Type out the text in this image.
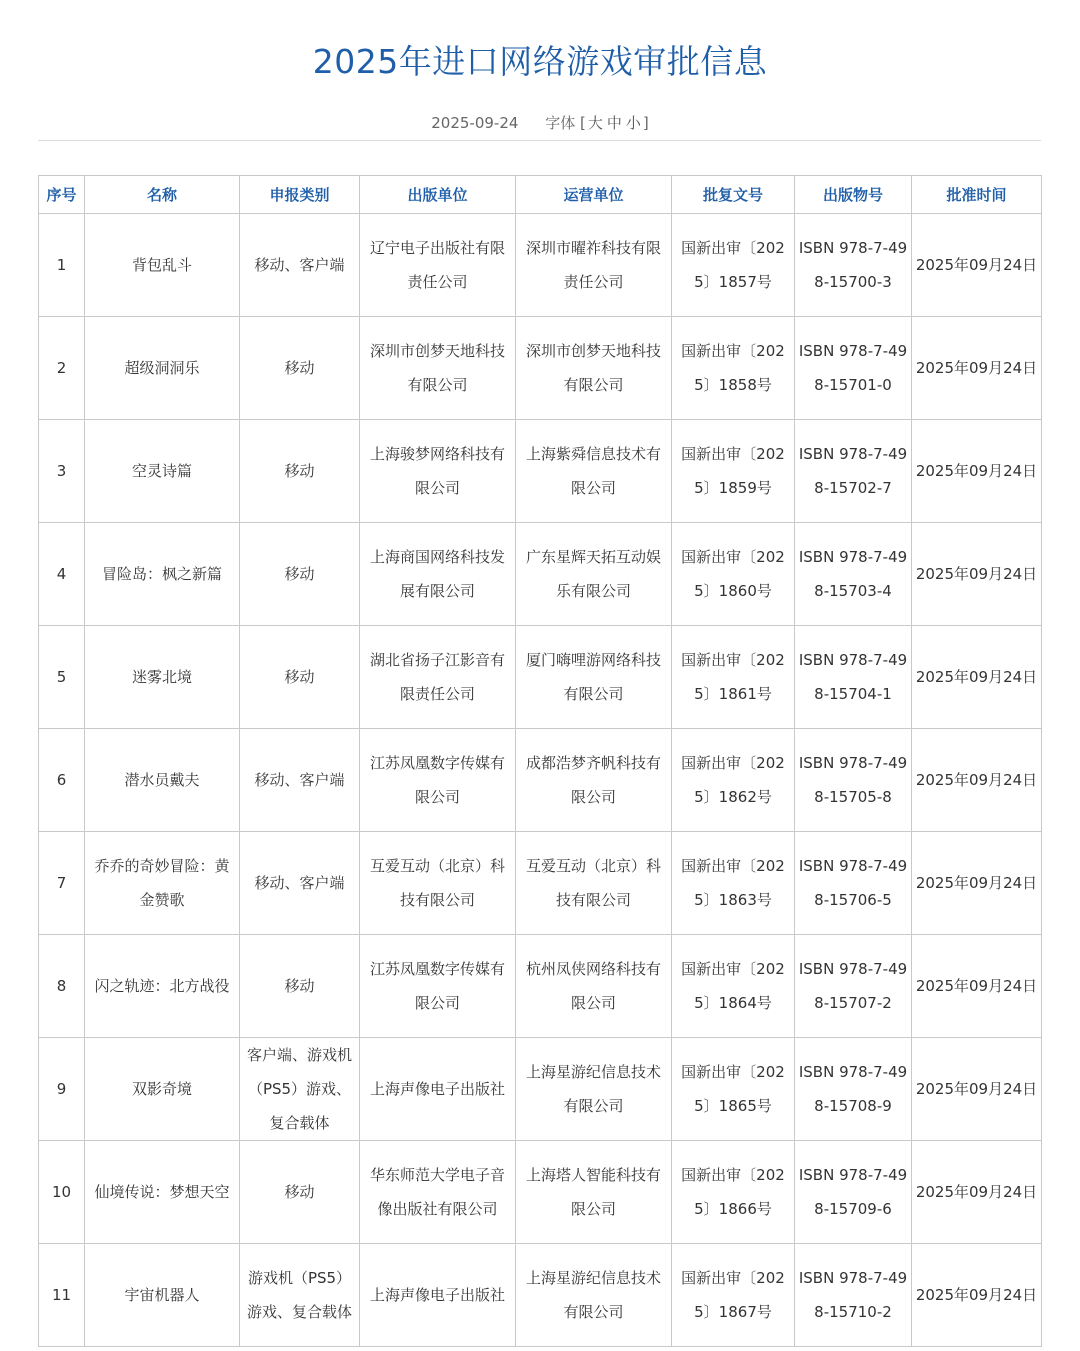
2025年进口网络游戏审批信息
2025-09-24 字体 [ 大 中 小 ]
序号	名称	申报类别	出版单位	运营单位	批复文号	出版物号	批准时间
1	背包乱斗	移动、客户端	辽宁电子出版社有限责任公司	深圳市曜祚科技有限责任公司	国新出审〔2025〕1857号	ISBN 978-7-498-15700-3	2025年09月24日
2	超级洞洞乐	移动	深圳市创梦天地科技有限公司	深圳市创梦天地科技有限公司	国新出审〔2025〕1858号	ISBN 978-7-498-15701-0	2025年09月24日
3	空灵诗篇	移动	上海骏梦网络科技有限公司	上海紫舜信息技术有限公司	国新出审〔2025〕1859号	ISBN 978-7-498-15702-7	2025年09月24日
4	冒险岛：枫之新篇	移动	上海商国网络科技发展有限公司	广东星辉天拓互动娱乐有限公司	国新出审〔2025〕1860号	ISBN 978-7-498-15703-4	2025年09月24日
5	迷雾北境	移动	湖北省扬子江影音有限责任公司	厦门嗨哩游网络科技有限公司	国新出审〔2025〕1861号	ISBN 978-7-498-15704-1	2025年09月24日
6	潜水员戴夫	移动、客户端	江苏凤凰数字传媒有限公司	成都浩梦齐帆科技有限公司	国新出审〔2025〕1862号	ISBN 978-7-498-15705-8	2025年09月24日
7	乔乔的奇妙冒险：黄金赞歌	移动、客户端	互爱互动（北京）科技有限公司	互爱互动（北京）科技有限公司	国新出审〔2025〕1863号	ISBN 978-7-498-15706-5	2025年09月24日
8	闪之轨迹：北方战役	移动	江苏凤凰数字传媒有限公司	杭州凤侠网络科技有限公司	国新出审〔2025〕1864号	ISBN 978-7-498-15707-2	2025年09月24日
9	双影奇境	客户端、游戏机（PS5）游戏、复合载体	上海声像电子出版社	上海星游纪信息技术有限公司	国新出审〔2025〕1865号	ISBN 978-7-498-15708-9	2025年09月24日
10	仙境传说：梦想天空	移动	华东师范大学电子音像出版社有限公司	上海塔人智能科技有限公司	国新出审〔2025〕1866号	ISBN 978-7-498-15709-6	2025年09月24日
11	宇宙机器人	游戏机（PS5）游戏、复合载体	上海声像电子出版社	上海星游纪信息技术有限公司	国新出审〔2025〕1867号	ISBN 978-7-498-15710-2	2025年09月24日
